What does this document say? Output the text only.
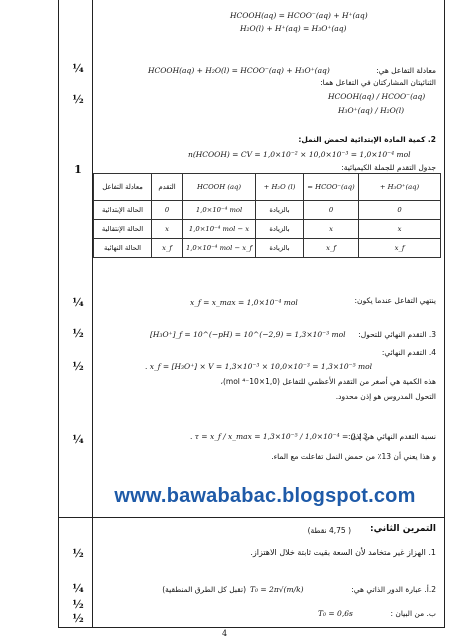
¼
½
1
¼
½
½
¼
½
¼
½
½
HCOOH(aq) = HCOO⁻(aq) + H⁺(aq)
H₂O(l) + H⁺(aq) = H₃O⁺(aq)
معادلة التفاعل هي:
HCOOH(aq) + H₂O(l) = HCOO⁻(aq) + H₃O⁺(aq)
الثنائيتان المشاركتان في التفاعل هما:
HCOOH(aq) / HCOO⁻(aq)
H₃O⁺(aq) / H₂O(l)
2. كمية المادة الإبتدائية لحمض النمل:
n(HCOOH) = CV = 1,0×10⁻² × 10,0×10⁻³ = 1,0×10⁻⁴ mol
جدول التقدم للجملة الكيميائية:
معادلة التفاعل	التقدم	HCOOH (aq)	+ H₂O (l)	= HCOO⁻(aq)	+ H₃O⁺(aq)
الحالة الإبتدائية	0	1,0×10⁻⁴ mol	بالزيادة	0	0
الحالة الإنتقالية	x	1,0×10⁻⁴ mol − x	بالزيادة	x	x
الحالة النهائية	x_f	1,0×10⁻⁴ mol − x_f	بالزيادة	x_f	x_f
ينتهي التفاعل عندما يكون:
x_f = x_max = 1,0×10⁻⁴ mol
3. التقدم النهائي للتحول:
[H₃O⁺]_f = 10^(−pH) = 10^(−2,9) = 1,3×10⁻³ mol
4. التقدم النهائي:
. x_f = [H₃O⁺] × V = 1,3×10⁻³ × 10,0×10⁻³ = 1,3×10⁻⁵ mol
هذه الكمية هي أصغر من التقدم الأعظمي للتفاعل (1,0×10⁻⁴ mol)،
التحول المدروس هو إذن محدود.
نسبة التقدم النهائي هي إذن:
. τ = x_f / x_max = 1,3×10⁻⁵ / 1,0×10⁻⁴ = 0,13
و هذا يعني أن 13٪ من حمض النمل تفاعلت مع الماء.
www.bawababac.blogspot.com
التمرين الثاني:
( 4,75 نقطة)
1. الهزاز غير متخامد لأن السعة بقيت ثابتة خلال الاهتزاز.
2.أ. عبارة الدور الذاتي هي:
T₀ = 2π√(m/k)
(تقبل كل الطرق المنطقية)
ب. من البيان :
T₀ = 0,6s
4
